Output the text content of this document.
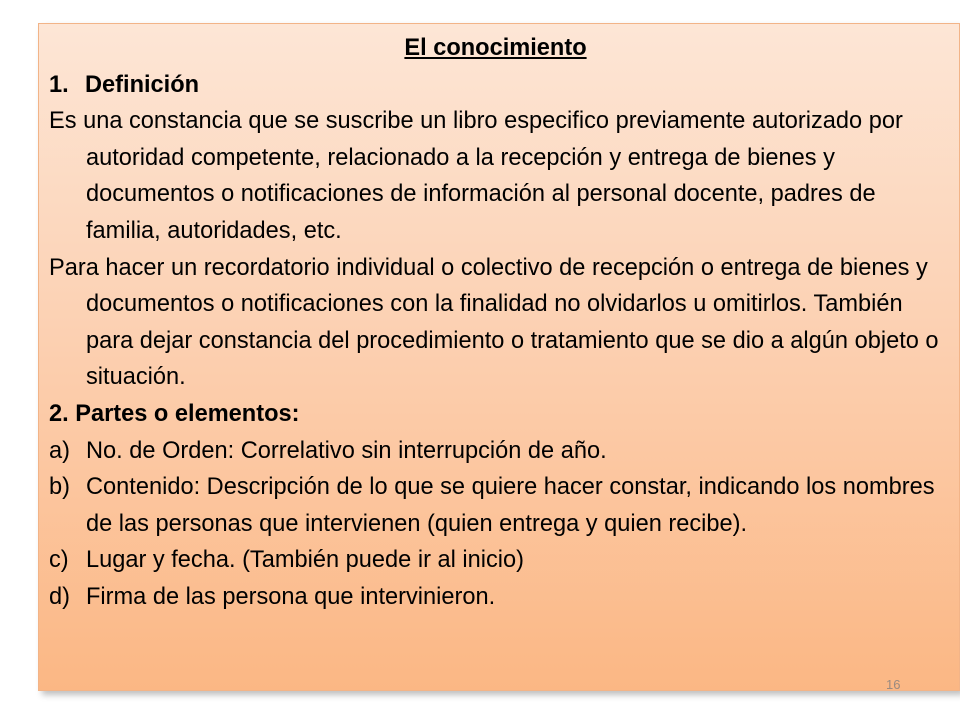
El conocimiento
1. Definición
Es una constancia que se suscribe un libro especifico previamente autorizado por autoridad competente, relacionado a la recepción y entrega de bienes y documentos o notificaciones de información al personal docente, padres de familia, autoridades, etc.
Para hacer un recordatorio individual o colectivo de recepción o entrega de bienes y documentos o notificaciones con la finalidad no olvidarlos u omitirlos. También para dejar constancia del procedimiento o tratamiento que se dio a algún objeto o situación.
2. Partes o elementos:
a) No. de Orden: Correlativo sin interrupción de año.
b) Contenido: Descripción de lo que se quiere hacer constar, indicando los nombres de las personas que intervienen (quien entrega y quien recibe).
c) Lugar y fecha. (También puede ir al inicio)
d) Firma de las persona que intervinieron.
16
